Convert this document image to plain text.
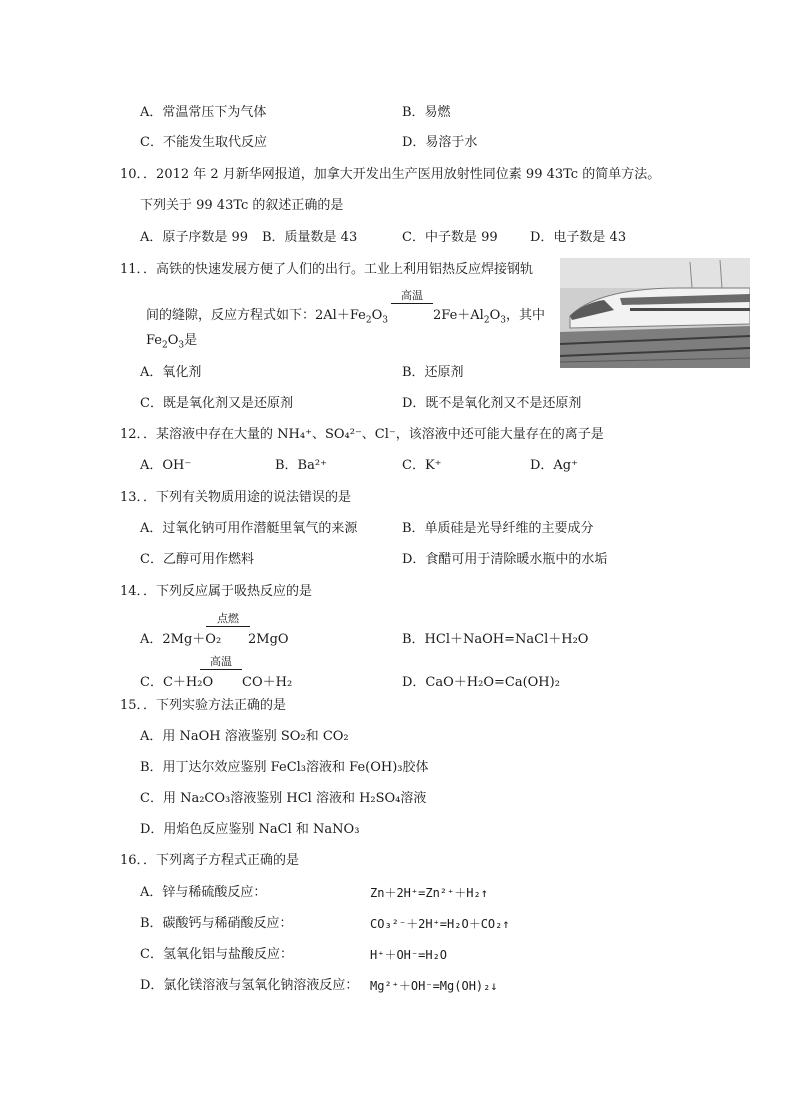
A．常温常压下为气体	B．易燃
C．不能发生取代反应	D．易溶于水
10．．2012 年 2 月新华网报道，加拿大开发出生产医用放射性同位素 99 43Tc 的简单方法。
下列关于 99 43Tc 的叙述正确的是
A．原子序数是 99 B．质量数是 43	C．中子数是 99 D．电子数是 43
11．．高铁的快速发展方便了人们的出行。工业上利用铝热反应焊接钢轨
间的缝隙，反应方程式如下：$2Al+Fe_2O_3$
高温
$2Fe+Al_2O_3$，其中
$Fe_2O_3$是
A．氧化剂	B．还原剂
C．既是氧化剂又是还原剂	D．既不是氧化剂又不是还原剂
12．．某溶液中存在大量的 NH₄⁺、SO₄²⁻、Cl⁻，该溶液中还可能大量存在的离子是
A．OH⁻	B．Ba²⁺	C．K⁺	D．Ag⁺
13．．下列有关物质用途的说法错误的是
A．过氧化钠可用作潜艇里氧气的来源	B．单质硅是光导纤维的主要成分
C．乙醇可用作燃料	D．食醋可用于清除暖水瓶中的水垢
14．．下列反应属于吸热反应的是
点燃
A．2Mg＋O₂ 2MgO	B．HCl＋NaOH=NaCl＋H₂O
高温
C．C＋H₂O CO＋H₂	D．CaO＋H₂O=Ca(OH)₂
15．．下列实验方法正确的是
A．用 NaOH 溶液鉴别 SO₂和 CO₂
B．用丁达尔效应鉴别 FeCl₃溶液和 Fe(OH)₃胶体
C．用 Na₂CO₃溶液鉴别 HCl 溶液和 H₂SO₄溶液
D．用焰色反应鉴别 NaCl 和 NaNO₃
16．．下列离子方程式正确的是
A．锌与稀硫酸反应：	Zn＋2H⁺=Zn²⁺＋H₂↑
B．碳酸钙与稀硝酸反应：	CO₃²⁻＋2H⁺=H₂O＋CO₂↑
C．氢氧化铝与盐酸反应：	H⁺＋OH⁻=H₂O
D．氯化镁溶液与氢氧化钠溶液反应： Mg²⁺＋OH⁻=Mg(OH)₂↓
